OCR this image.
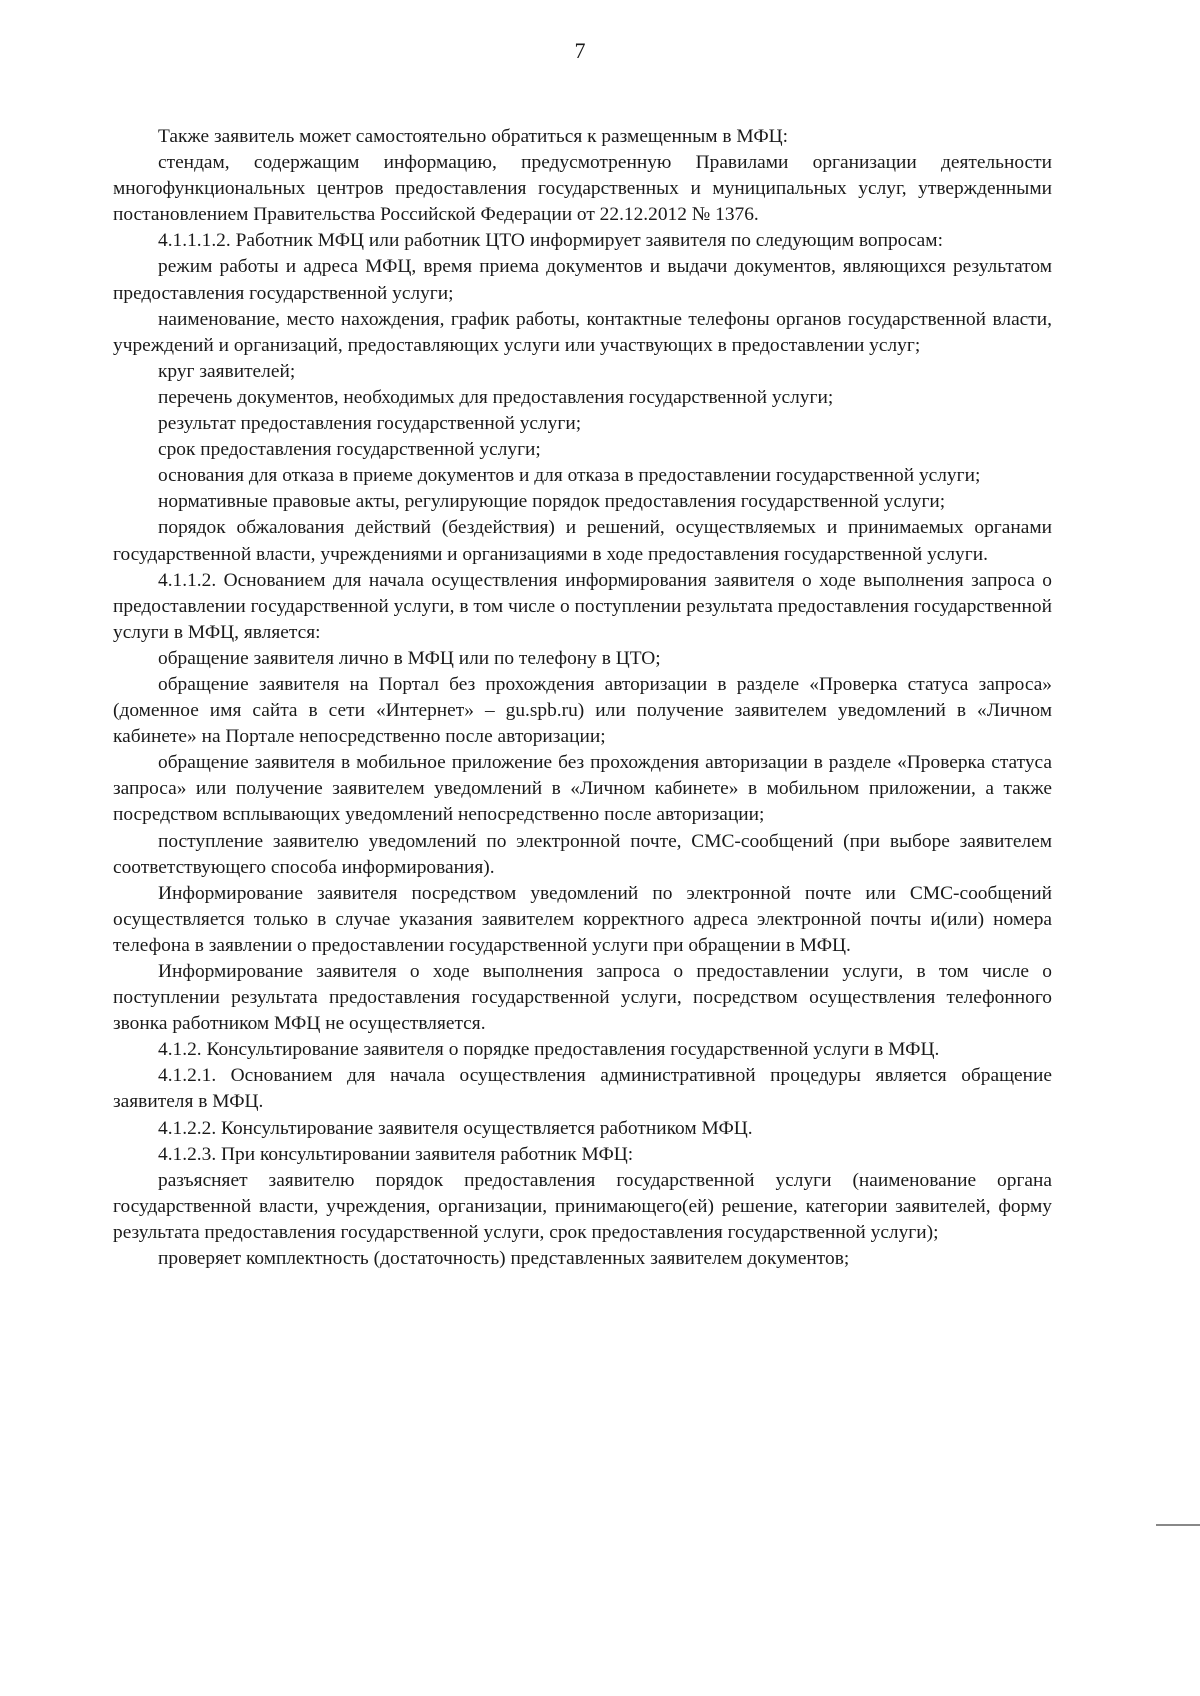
7

Также заявитель может самостоятельно обратиться к размещенным в МФЦ:

стендам, содержащим информацию, предусмотренную Правилами организации деятельности многофункциональных центров предоставления государственных и муниципальных услуг, утвержденными постановлением Правительства Российской Федерации от 22.12.2012 № 1376.

4.1.1.1.2. Работник МФЦ или работник ЦТО информирует заявителя по следующим вопросам:

режим работы и адреса МФЦ, время приема документов и выдачи документов, являющихся результатом предоставления государственной услуги;

наименование, место нахождения, график работы, контактные телефоны органов государственной власти, учреждений и организаций, предоставляющих услуги или участвующих в предоставлении услуг;

круг заявителей;

перечень документов, необходимых для предоставления государственной услуги;

результат предоставления государственной услуги;

срок предоставления государственной услуги;

основания для отказа в приеме документов и для отказа в предоставлении государственной услуги;

нормативные правовые акты, регулирующие порядок предоставления государственной услуги;

порядок обжалования действий (бездействия) и решений, осуществляемых и принимаемых органами государственной власти, учреждениями и организациями в ходе предоставления государственной услуги.

4.1.1.2. Основанием для начала осуществления информирования заявителя о ходе выполнения запроса о предоставлении государственной услуги, в том числе о поступлении результата предоставления государственной услуги в МФЦ, является:

обращение заявителя лично в МФЦ или по телефону в ЦТО;

обращение заявителя на Портал без прохождения авторизации в разделе «Проверка статуса запроса» (доменное имя сайта в сети «Интернет» – gu.spb.ru) или получение заявителем уведомлений в «Личном кабинете» на Портале непосредственно после авторизации;

обращение заявителя в мобильное приложение без прохождения авторизации в разделе «Проверка статуса запроса» или получение заявителем уведомлений в «Личном кабинете» в мобильном приложении, а также посредством всплывающих уведомлений непосредственно после авторизации;

поступление заявителю уведомлений по электронной почте, СМС-сообщений (при выборе заявителем соответствующего способа информирования).

Информирование заявителя посредством уведомлений по электронной почте или СМС-сообщений осуществляется только в случае указания заявителем корректного адреса электронной почты и(или) номера телефона в заявлении о предоставлении государственной услуги при обращении в МФЦ.

Информирование заявителя о ходе выполнения запроса о предоставлении услуги, в том числе о поступлении результата предоставления государственной услуги, посредством осуществления телефонного звонка работником МФЦ не осуществляется.

4.1.2. Консультирование заявителя о порядке предоставления государственной услуги в МФЦ.

4.1.2.1. Основанием для начала осуществления административной процедуры является обращение заявителя в МФЦ.

4.1.2.2. Консультирование заявителя осуществляется работником МФЦ.

4.1.2.3. При консультировании заявителя работник МФЦ:

разъясняет заявителю порядок предоставления государственной услуги (наименование органа государственной власти, учреждения, организации, принимающего(ей) решение, категории заявителей, форму результата предоставления государственной услуги, срок предоставления государственной услуги);

проверяет комплектность (достаточность) представленных заявителем документов;
